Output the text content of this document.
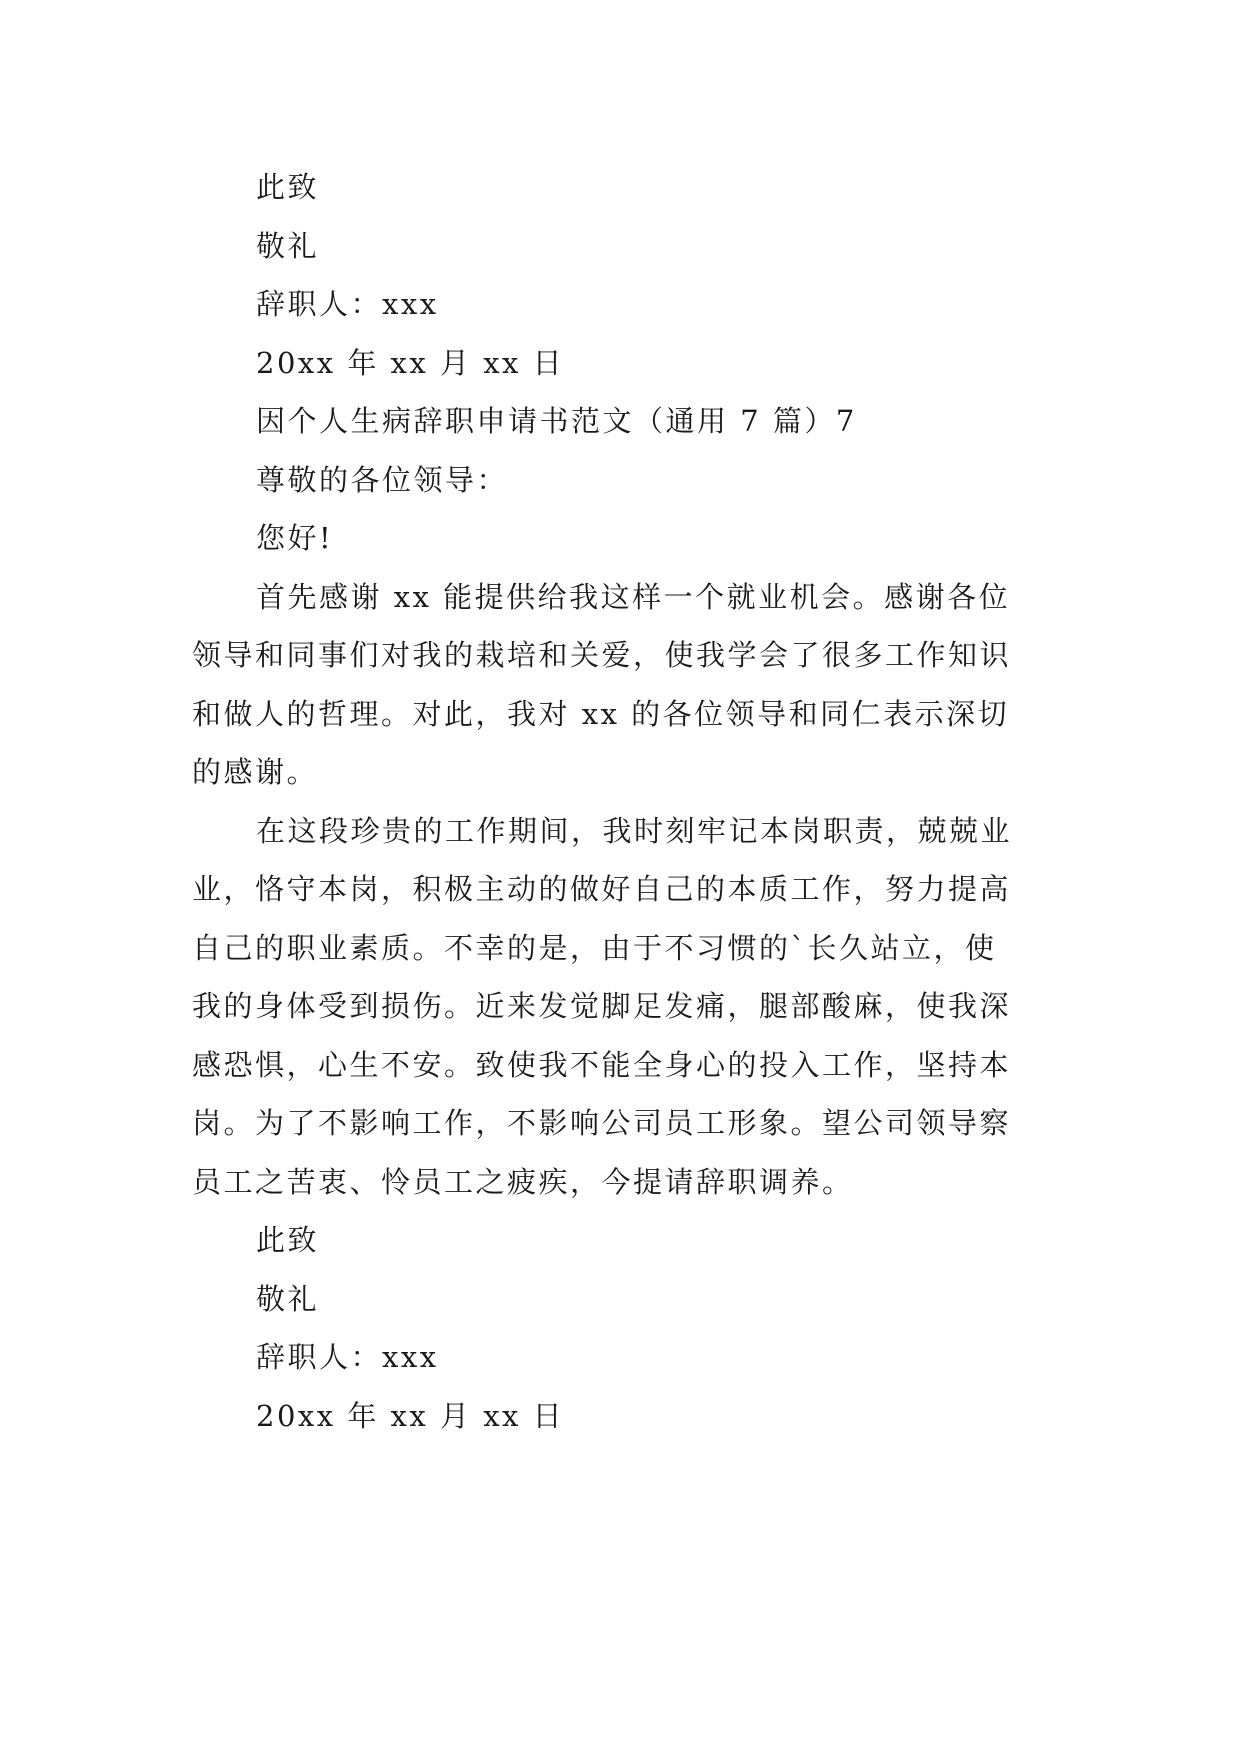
此致
敬礼
辞职人：xxx
20xx 年 xx 月 xx 日
因个人生病辞职申请书范文（通用 7 篇）7
尊敬的各位领导：
您好!
首先感谢 xx 能提供给我这样一个就业机会。感谢各位
领导和同事们对我的栽培和关爱，使我学会了很多工作知识
和做人的哲理。对此，我对 xx 的各位领导和同仁表示深切
的感谢。
在这段珍贵的工作期间，我时刻牢记本岗职责，兢兢业
业，恪守本岗，积极主动的做好自己的本质工作，努力提高
自己的职业素质。不幸的是，由于不习惯的`长久站立，使
我的身体受到损伤。近来发觉脚足发痛，腿部酸麻，使我深
感恐惧，心生不安。致使我不能全身心的投入工作，坚持本
岗。为了不影响工作，不影响公司员工形象。望公司领导察
员工之苦衷、怜员工之疲疾，今提请辞职调养。
此致
敬礼
辞职人：xxx
20xx 年 xx 月 xx 日
